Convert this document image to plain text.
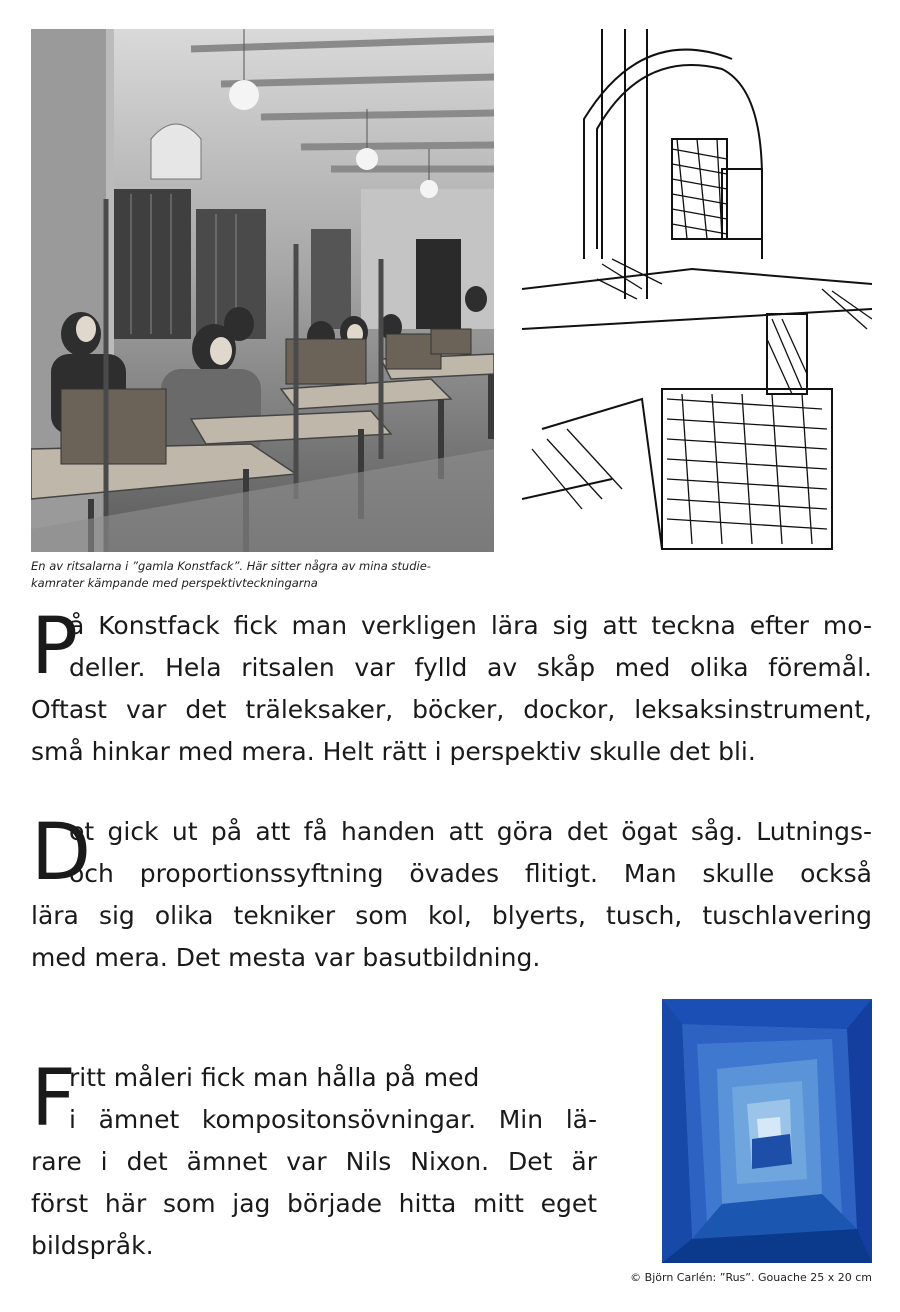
En av ritsalarna i ”gamla Konstfack”. Här sitter några av mina studie-
kamrater kämpande med perspektivteckningarna
P
å Konstfack fick man verkligen lära sig att teckna efter mo-
deller. Hela ritsalen var fylld av skåp med olika föremål.
Oftast var det träleksaker, böcker, dockor, leksaksinstrument,
små hinkar med mera. Helt rätt i perspektiv skulle det bli.
D
et gick ut på att få handen att göra det ögat såg. Lutnings-
och proportionssyftning övades flitigt. Man skulle också
lära sig olika tekniker som kol, blyerts, tusch, tuschlavering
med mera. Det mesta var basutbildning.
F
ritt måleri fick man hålla på med
i ämnet kompositonsövningar. Min lä-
rare i det ämnet var Nils Nixon. Det är
först här som jag började hitta mitt eget
bildspråk.
© Björn Carlén: ”Rus”. Gouache 25 x 20 cm
